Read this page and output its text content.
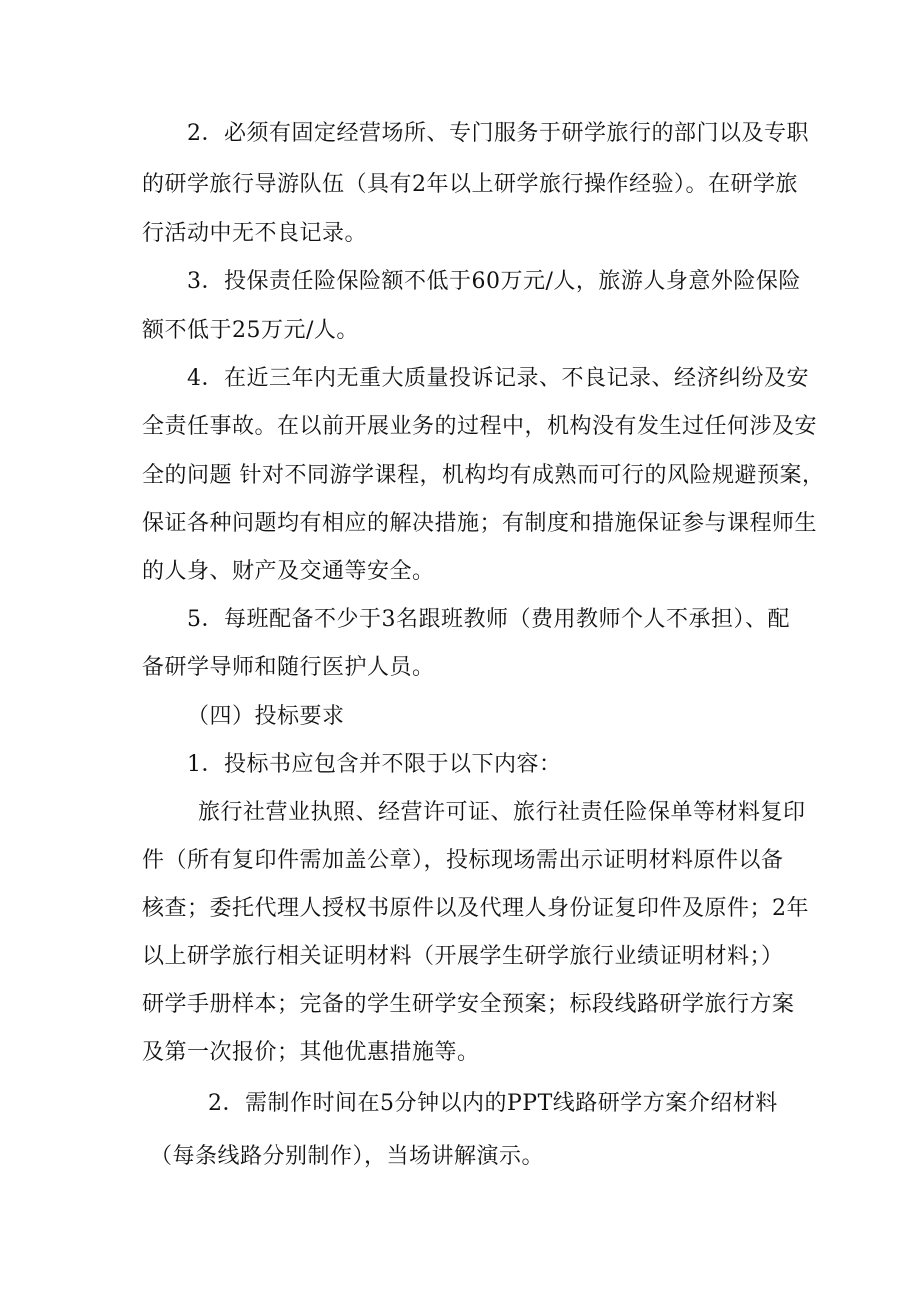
2．必须有固定经营场所、专门服务于研学旅行的部门以及专职
的研学旅行导游队伍（具有2年以上研学旅行操作经验）。在研学旅
行活动中无不良记录。
3．投保责任险保险额不低于60万元/人，旅游人身意外险保险
额不低于25万元/人。
4．在近三年内无重大质量投诉记录、不良记录、经济纠纷及安
全责任事故。在以前开展业务的过程中，机构没有发生过任何涉及安
全的问题 针对不同游学课程，机构均有成熟而可行的风险规避预案，
保证各种问题均有相应的解决措施；有制度和措施保证参与课程师生
的人身、财产及交通等安全。
5．每班配备不少于3名跟班教师（费用教师个人不承担）、配
备研学导师和随行医护人员。
（四）投标要求
1．投标书应包含并不限于以下内容：
旅行社营业执照、经营许可证、旅行社责任险保单等材料复印
件（所有复印件需加盖公章），投标现场需出示证明材料原件以备
核查；委托代理人授权书原件以及代理人身份证复印件及原件；2年
以上研学旅行相关证明材料（开展学生研学旅行业绩证明材料；）
研学手册样本；完备的学生研学安全预案；标段线路研学旅行方案
及第一次报价；其他优惠措施等。
2．需制作时间在5分钟以内的PPT线路研学方案介绍材料
（每条线路分别制作），当场讲解演示。
